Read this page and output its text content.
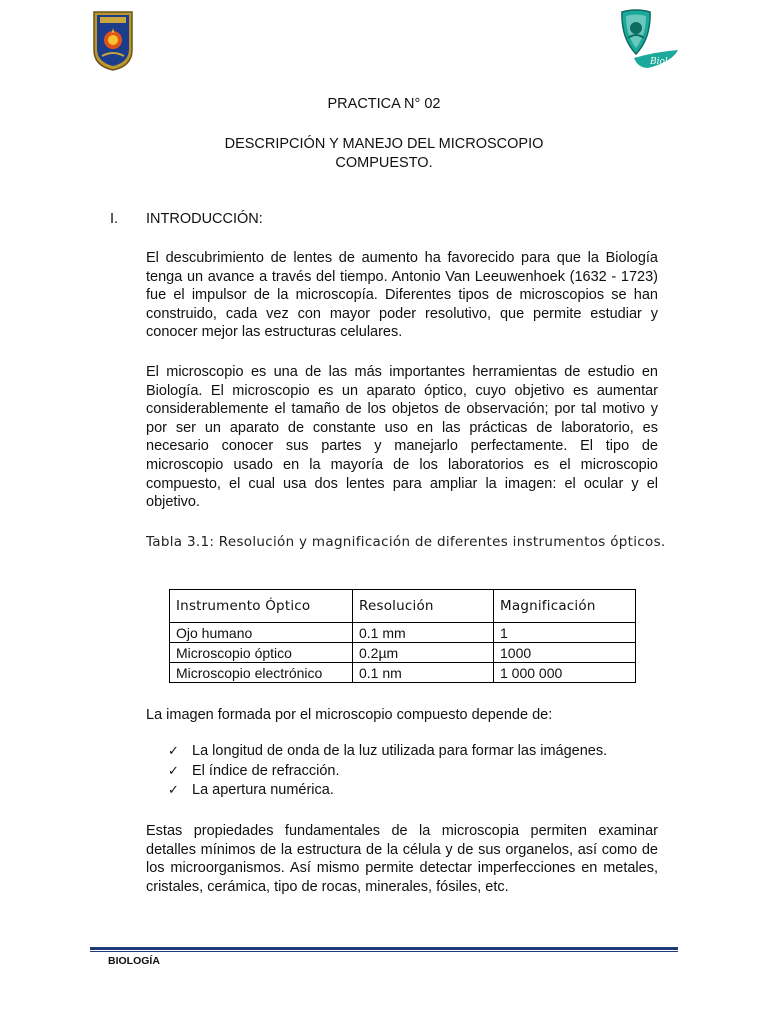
Biología
PRACTICA N° 02
DESCRIPCIÓN Y MANEJO DEL MICROSCOPIO
COMPUESTO.
I. INTRODUCCIÓN:

El descubrimiento de lentes de aumento ha favorecido para que la Biología tenga un avance a través del tiempo. Antonio Van Leeuwenhoek (1632 - 1723) fue el impulsor de la microscopía. Diferentes tipos de microscopios se han construido, cada vez con mayor poder resolutivo, que permite estudiar y conocer mejor las estructuras celulares.

El microscopio es una de las más importantes herramientas de estudio en Biología. El microscopio es un aparato óptico, cuyo objetivo es aumentar considerablemente el tamaño de los objetos de observación; por tal motivo y por ser un aparato de constante uso en las prácticas de laboratorio, es necesario conocer sus partes y manejarlo perfectamente. El tipo de microscopio usado en la mayoría de los laboratorios es el microscopio compuesto, el cual usa dos lentes para ampliar la imagen: el ocular y el objetivo.

Tabla 3.1: Resolución y magnificación de diferentes instrumentos ópticos.
Instrumento Óptico	Resolución	Magnificación
Ojo humano	0.1 mm	1
Microscopio óptico	0.2µm	1000
Microscopio electrónico	0.1 nm	1 000 000

La imagen formada por el microscopio compuesto depende de:

✓ La longitud de onda de la luz utilizada para formar las imágenes.
✓ El índice de refracción.
✓ La apertura numérica.

Estas propiedades fundamentales de la microscopia permiten examinar detalles mínimos de la estructura de la célula y de sus organelos, así como de los microorganismos. Así mismo permite detectar imperfecciones en metales, cristales, cerámica, tipo de rocas, minerales, fósiles, etc.

BIOLOGÍA
